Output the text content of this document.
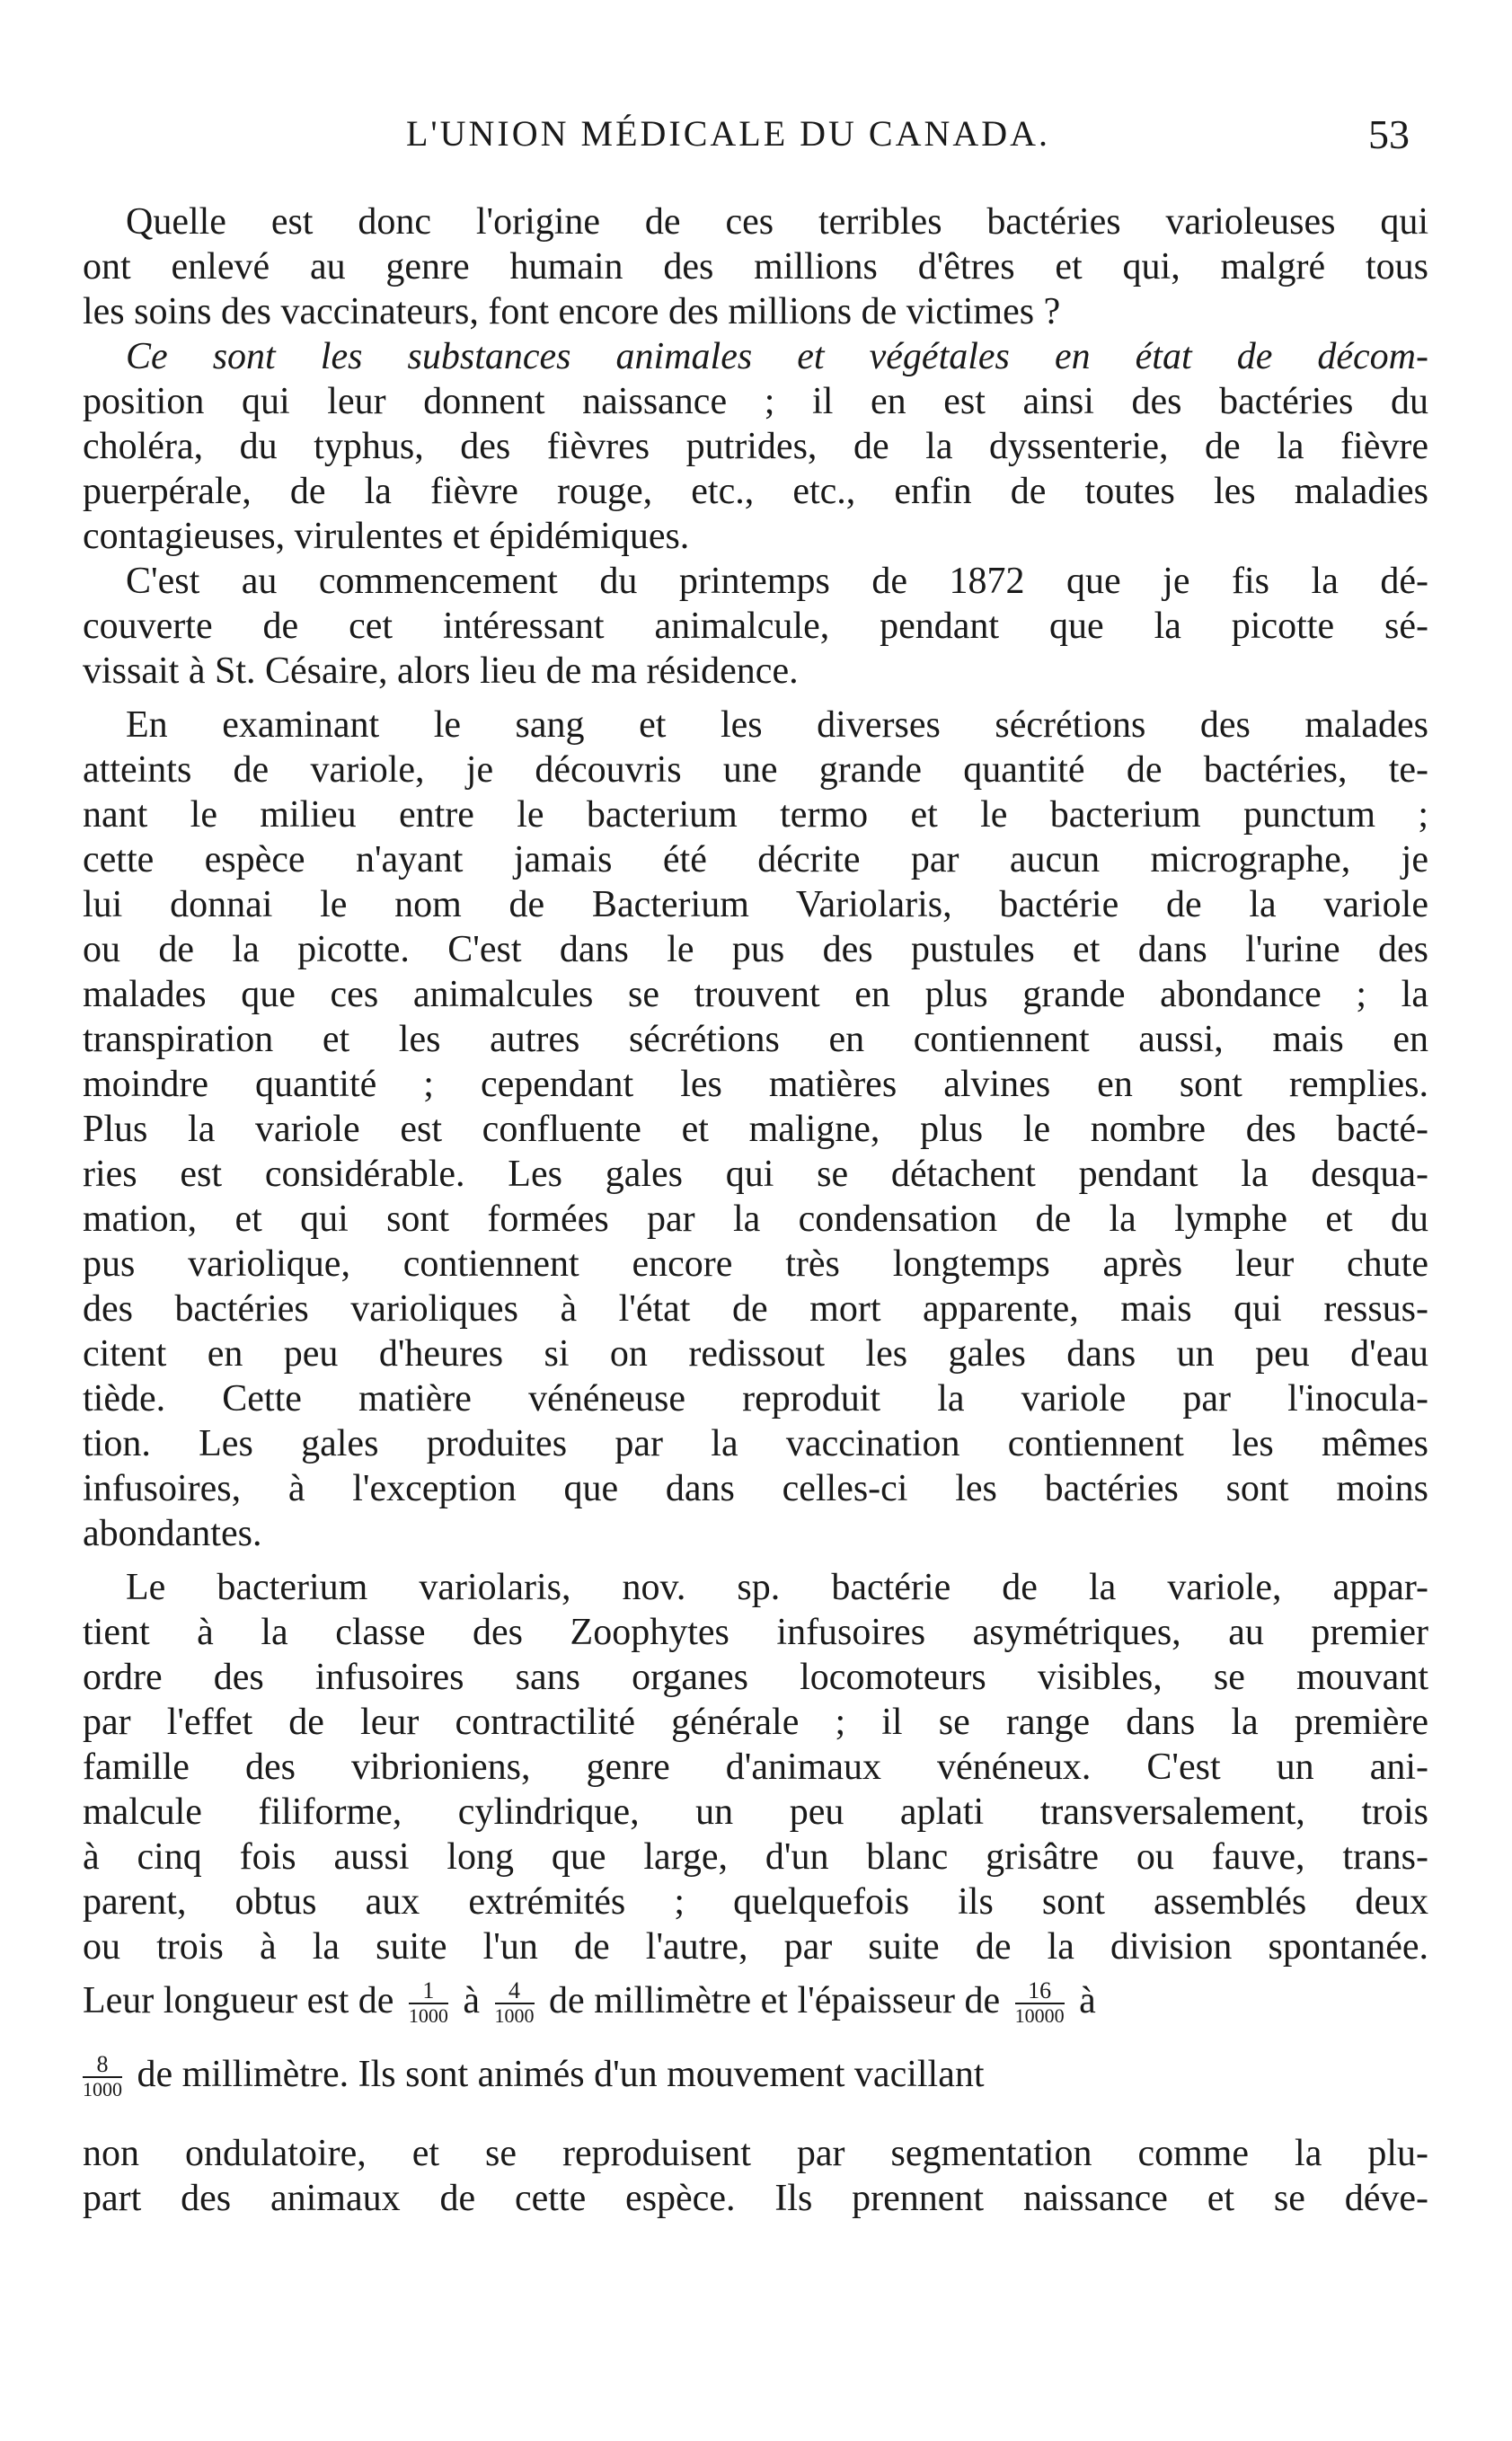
L'UNION MÉDICALE DU CANADA.	53
Quelle est donc l'origine de ces terribles bactéries varioleuses qui
ont enlevé au genre humain des millions d'êtres et qui, malgré tous
les soins des vaccinateurs, font encore des millions de victimes ?
Ce sont les substances animales et végétales en état de décom-
position qui leur donnent naissance ; il en est ainsi des bactéries du
choléra, du typhus, des fièvres putrides, de la dyssenterie, de la fièvre
puerpérale, de la fièvre rouge, etc., etc., enfin de toutes les maladies
contagieuses, virulentes et épidémiques.
C'est au commencement du printemps de 1872 que je fis la dé-
couverte de cet intéressant animalcule, pendant que la picotte sé-
vissait à St. Césaire, alors lieu de ma résidence.
En examinant le sang et les diverses sécrétions des malades
atteints de variole, je découvris une grande quantité de bactéries, te-
nant le milieu entre le bacterium termo et le bacterium punctum ;
cette espèce n'ayant jamais été décrite par aucun micrographe, je
lui donnai le nom de Bacterium Variolaris, bactérie de la variole
ou de la picotte. C'est dans le pus des pustules et dans l'urine des
malades que ces animalcules se trouvent en plus grande abondance ; la
transpiration et les autres sécrétions en contiennent aussi, mais en
moindre quantité ; cependant les matières alvines en sont remplies.
Plus la variole est confluente et maligne, plus le nombre des bacté-
ries est considérable. Les gales qui se détachent pendant la desqua-
mation, et qui sont formées par la condensation de la lymphe et du
pus variolique, contiennent encore très longtemps après leur chute
des bactéries varioliques à l'état de mort apparente, mais qui ressus-
citent en peu d'heures si on redissout les gales dans un peu d'eau
tiède. Cette matière vénéneuse reproduit la variole par l'inocula-
tion. Les gales produites par la vaccination contiennent les mêmes
infusoires, à l'exception que dans celles-ci les bactéries sont moins
abondantes.
Le bacterium variolaris, nov. sp. bactérie de la variole, appar-
tient à la classe des Zoophytes infusoires asymétriques, au premier
ordre des infusoires sans organes locomoteurs visibles, se mouvant
par l'effet de leur contractilité générale ; il se range dans la première
famille des vibrioniens, genre d'animaux vénéneux. C'est un ani-
malcule filiforme, cylindrique, un peu aplati transversalement, trois
à cinq fois aussi long que large, d'un blanc grisâtre ou fauve, trans-
parent, obtus aux extrémités ; quelquefois ils sont assemblés deux
ou trois à la suite l'un de l'autre, par suite de la division spontanée.
Leur longueur est de $\frac{1}{1000}$ à $\frac{4}{1000}$ de millimètre et l'épaisseur de $\frac{16}{10000}$ à
$\frac{8}{1000}$ de millimètre. Ils sont animés d'un mouvement vacillant
non ondulatoire, et se reproduisent par segmentation comme la plu-
part des animaux de cette espèce. Ils prennent naissance et se déve-
